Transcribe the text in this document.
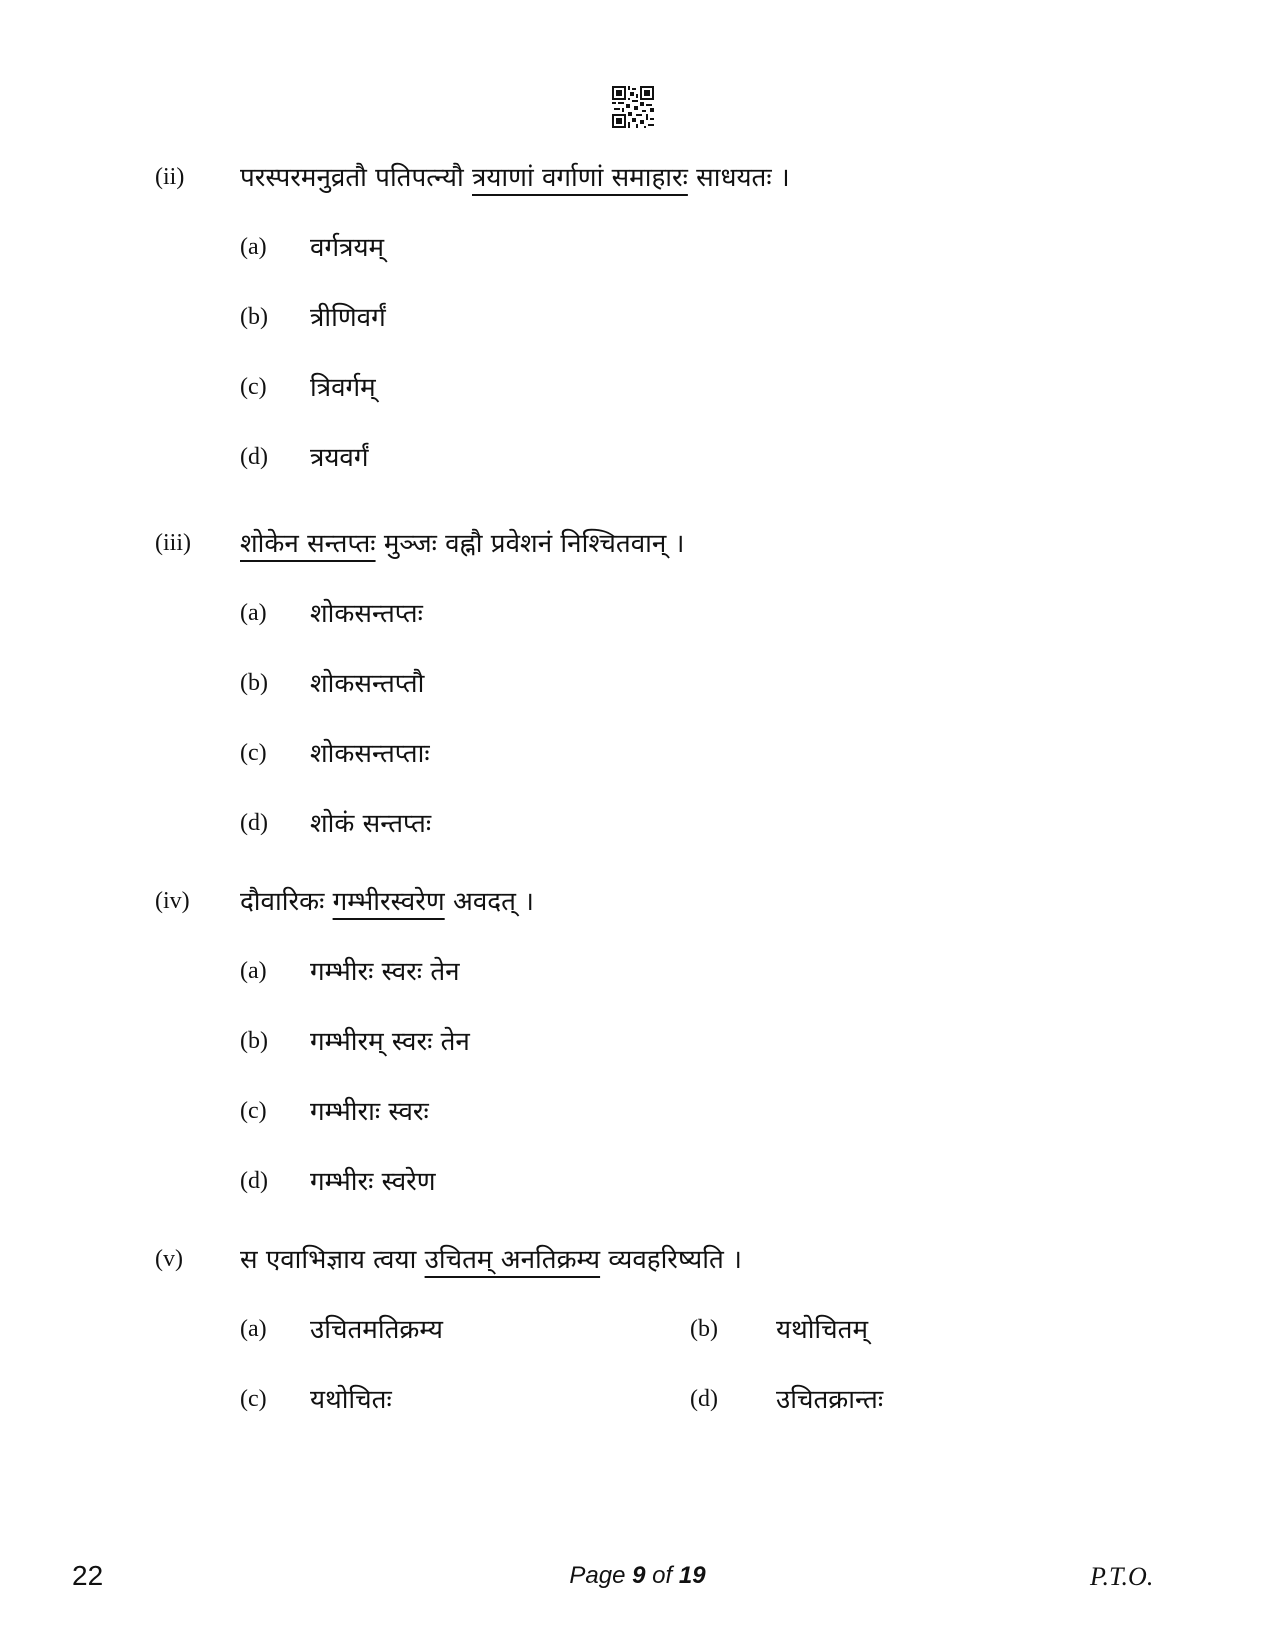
(ii) परस्परमनुव्रतौ पतिपत्न्यौ त्रयाणां वर्गाणां समाहारः साधयतः ।
(a) वर्गत्रयम्
(b) त्रीणिवर्गं
(c) त्रिवर्गम्
(d) त्रयवर्गं
(iii) शोकेन सन्तप्तः मुञ्जः वह्नौ प्रवेशनं निश्चितवान् ।
(a) शोकसन्तप्तः
(b) शोकसन्तप्तौ
(c) शोकसन्तप्ताः
(d) शोकं सन्तप्तः
(iv) दौवारिकः गम्भीरस्वरेण अवदत् ।
(a) गम्भीरः स्वरः तेन
(b) गम्भीरम् स्वरः तेन
(c) गम्भीराः स्वरः
(d) गम्भीरः स्वरेण
(v) स एवाभिज्ञाय त्वया उचितम् अनतिक्रम्य व्यवहरिष्यति ।
(a) उचितमतिक्रम्य	(b) यथोचितम्
(c) यथोचितः	(d) उचितक्रान्तः
22	Page 9 of 19	P.T.O.
